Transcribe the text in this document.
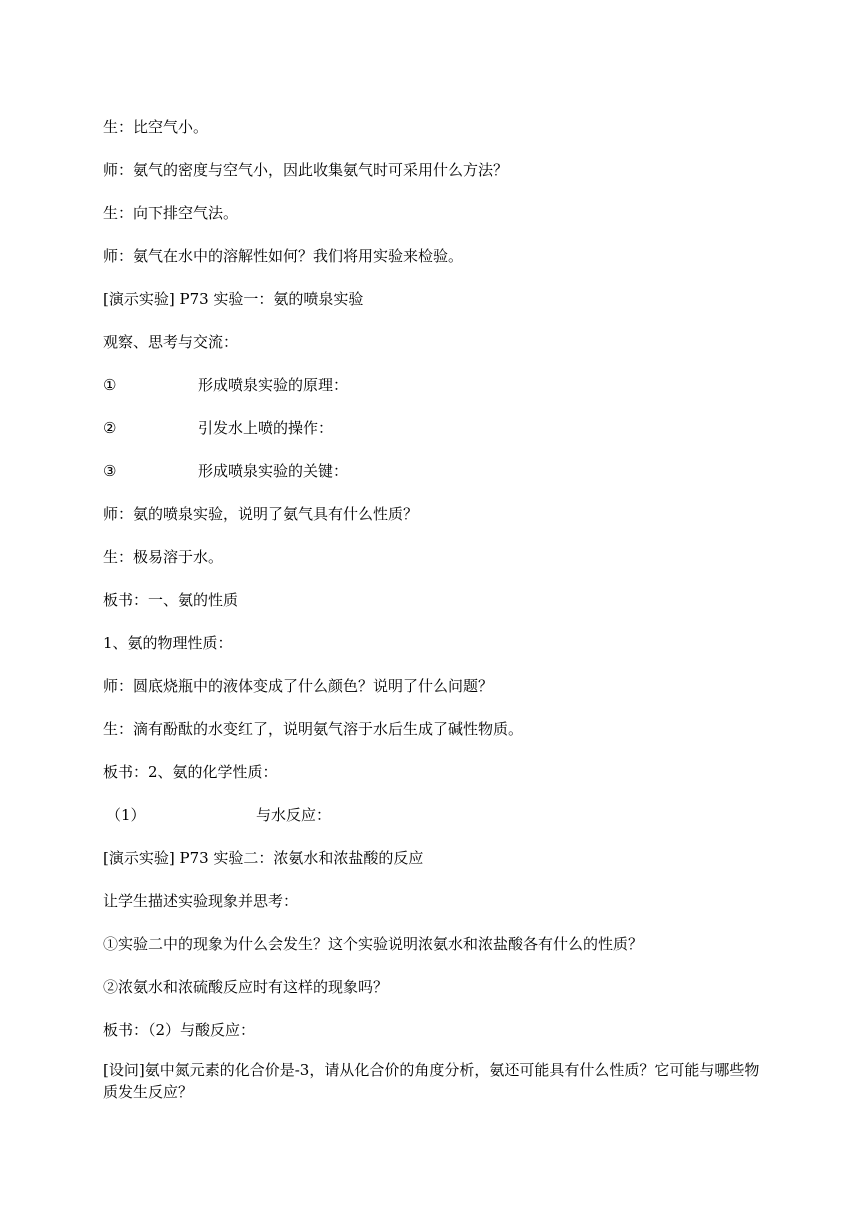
生：比空气小。
师：氨气的密度与空气小，因此收集氨气时可采用什么方法？
生：向下排空气法。
师：氨气在水中的溶解性如何？我们将用实验来检验。
[演示实验] P73 实验一：氨的喷泉实验
观察、思考与交流：
①	形成喷泉实验的原理：
②	引发水上喷的操作：
③	形成喷泉实验的关键：
师：氨的喷泉实验，说明了氨气具有什么性质？
生：极易溶于水。
板书：一、氨的性质
1、氨的物理性质：
师：圆底烧瓶中的液体变成了什么颜色？说明了什么问题？
生：滴有酚酞的水变红了，说明氨气溶于水后生成了碱性物质。
板书：2、氨的化学性质：
（1）	与水反应：
[演示实验] P73 实验二：浓氨水和浓盐酸的反应
让学生描述实验现象并思考：
①实验二中的现象为什么会发生？这个实验说明浓氨水和浓盐酸各有什么的性质？
②浓氨水和浓硫酸反应时有这样的现象吗？
板书：（2）与酸反应：
[设问]氨中氮元素的化合价是-3，请从化合价的角度分析，氨还可能具有什么性质？它可能与哪些物质发生反应？
